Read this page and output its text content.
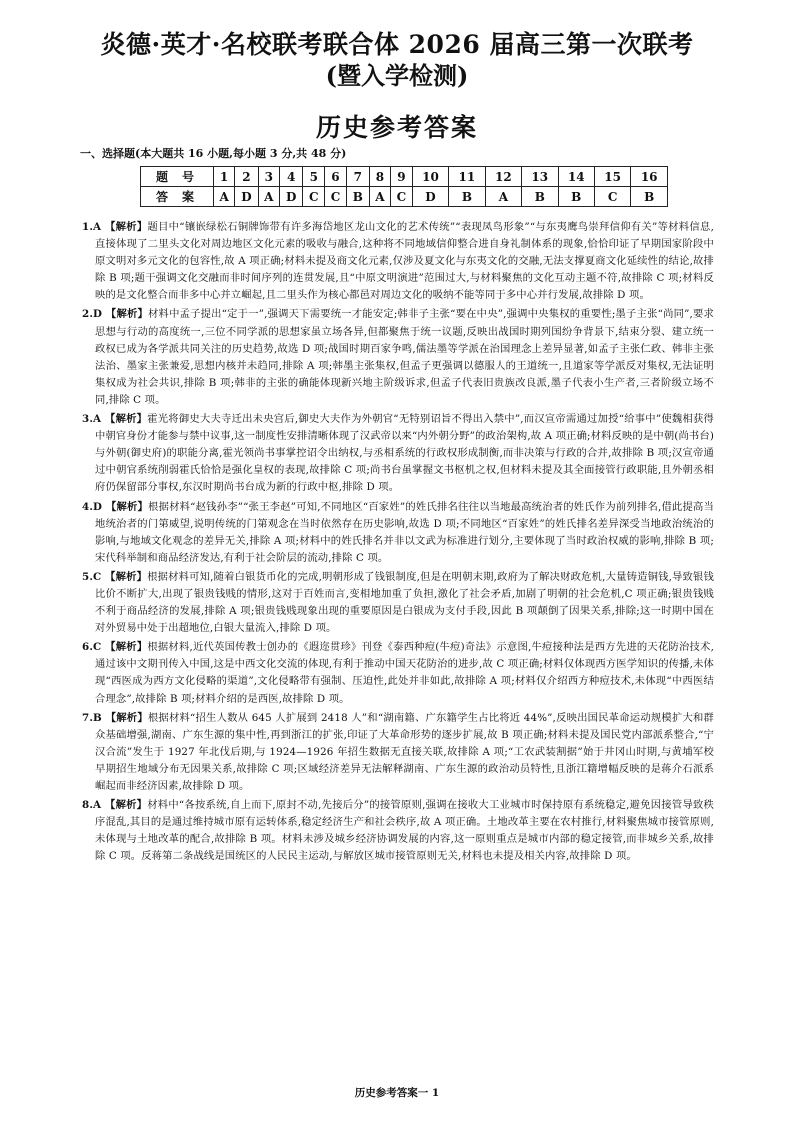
炎德·英才·名校联考联合体 2026 届高三第一次联考
(暨入学检测)
历史参考答案
一、选择题(本大题共 16 小题,每小题 3 分,共 48 分)
题号	1	2	3	4	5	6	7	8	9	10	11	12	13	14	15	16
答案	A	D	A	D	C	C	B	A	C	D	B	A	B	B	C	B
1.A 【解析】题目中“镶嵌绿松石铜牌饰带有许多海岱地区龙山文化的艺术传统”“表现凤鸟形象”“与东夷鹰鸟崇拜信仰有关”等材料信息,直接体现了二里头文化对周边地区文化元素的吸收与融合,这种将不同地域信仰整合进自身礼制体系的现象,恰恰印证了早期国家阶段中原文明对多元文化的包容性,故 A 项正确;材料未提及商文化元素,仅涉及夏文化与东夷文化的交融,无法支撑夏商文化延续性的结论,故排除 B 项;题干强调文化交融而非时间序列的连贯发展,且“中原文明演进”范围过大,与材料聚焦的文化互动主题不符,故排除 C 项;材料反映的是文化整合而非多中心并立崛起,且二里头作为核心都邑对周边文化的吸纳不能等同于多中心并行发展,故排除 D 项。
2.D 【解析】材料中孟子提出“定于一”,强调天下需要统一才能安定;韩非子主张“要在中央”,强调中央集权的重要性;墨子主张“尚同”,要求思想与行动的高度统一,三位不同学派的思想家虽立场各异,但都聚焦于统一议题,反映出战国时期列国纷争背景下,结束分裂、建立统一政权已成为各学派共同关注的历史趋势,故选 D 项;战国时期百家争鸣,儒法墨等学派在治国理念上差异显著,如孟子主张仁政、韩非主张法治、墨家主张兼爱,思想内核并未趋同,排除 A 项;韩墨主张集权,但孟子更强调以德服人的王道统一,且道家等学派反对集权,无法证明集权成为社会共识,排除 B 项;韩非的主张的确能体现新兴地主阶级诉求,但孟子代表旧贵族改良派,墨子代表小生产者,三者阶级立场不同,排除 C 项。
3.A 【解析】霍光将御史大夫寺迁出未央宫后,御史大夫作为外朝官“无特别诏旨不得出入禁中”,而汉宣帝需通过加授“给事中”使魏相获得中朝官身份才能参与禁中议事,这一制度性安排清晰体现了汉武帝以来“内外朝分野”的政治架构,故 A 项正确;材料反映的是中朝(尚书台)与外朝(御史府)的职能分离,霍光领尚书事掌控诏令出纳权,与丞相系统的行政权形成制衡,而非决策与行政的合并,故排除 B 项;汉宣帝通过中朝官系统削弱霍氏恰恰是强化皇权的表现,故排除 C 项;尚书台虽掌握文书枢机之权,但材料未提及其全面接管行政职能,且外朝丞相府仍保留部分事权,东汉时期尚书台成为新的行政中枢,排除 D 项。
4.D 【解析】根据材料“赵钱孙李”“张王李赵”可知,不同地区“百家姓”的姓氏排名往往以当地最高统治者的姓氏作为前列排名,借此提高当地统治者的门第威望,说明传统的门第观念在当时依然存在历史影响,故选 D 项;不同地区“百家姓”的姓氏排名差异深受当地政治统治的影响,与地域文化观念的差异无关,排除 A 项;材料中的姓氏排名并非以文武为标准进行划分,主要体现了当时政治权威的影响,排除 B 项;宋代科举制和商品经济发达,有利于社会阶层的流动,排除 C 项。
5.C 【解析】根据材料可知,随着白银货币化的完成,明朝形成了钱银制度,但是在明朝末期,政府为了解决财政危机,大量铸造铜钱,导致银钱比价不断扩大,出现了银贵钱贱的情形,这对于百姓而言,变相地加重了负担,激化了社会矛盾,加剧了明朝的社会危机,C 项正确;银贵钱贱不利于商品经济的发展,排除 A 项;银贵钱贱现象出现的重要原因是白银成为支付手段,因此 B 项颠倒了因果关系,排除;这一时期中国在对外贸易中处于出超地位,白银大量流入,排除 D 项。
6.C 【解析】根据材料,近代英国传教士创办的《遐迩贯珍》刊登《泰西种痘(牛痘)奇法》示意图,牛痘接种法是西方先进的天花防治技术,通过该中文期刊传入中国,这是中西文化交流的体现,有利于推动中国天花防治的进步,故 C 项正确;材料仅体现西方医学知识的传播,未体现“西医成为西方文化侵略的渠道”,文化侵略带有强制、压迫性,此处并非如此,故排除 A 项;材料仅介绍西方种痘技术,未体现“中西医结合理念”,故排除 B 项;材料介绍的是西医,故排除 D 项。
7.B 【解析】根据材料“招生人数从 645 人扩展到 2418 人”和“湖南籍、广东籍学生占比将近 44%”,反映出国民革命运动规模扩大和群众基础增强,湖南、广东生源的集中性,再到浙江的扩张,印证了大革命形势的逐步扩展,故 B 项正确;材料未提及国民党内部派系整合,“宁汉合流”发生于 1927 年北伐后期,与 1924—1926 年招生数据无直接关联,故排除 A 项;“工农武装割据”始于井冈山时期,与黄埔军校早期招生地域分布无因果关系,故排除 C 项;区域经济差异无法解释湖南、广东生源的政治动员特性,且浙江籍增幅反映的是蒋介石派系崛起而非经济因素,故排除 D 项。
8.A 【解析】材料中“各按系统,自上而下,原封不动,先接后分”的接管原则,强调在接收大工业城市时保持原有系统稳定,避免因接管导致秩序混乱,其目的是通过维持城市原有运转体系,稳定经济生产和社会秩序,故 A 项正确。土地改革主要在农村推行,材料聚焦城市接管原则,未体现与土地改革的配合,故排除 B 项。材料未涉及城乡经济协调发展的内容,这一原则重点是城市内部的稳定接管,而非城乡关系,故排除 C 项。反蒋第二条战线是国统区的人民民主运动,与解放区城市接管原则无关,材料也未提及相关内容,故排除 D 项。
历史参考答案一 1
